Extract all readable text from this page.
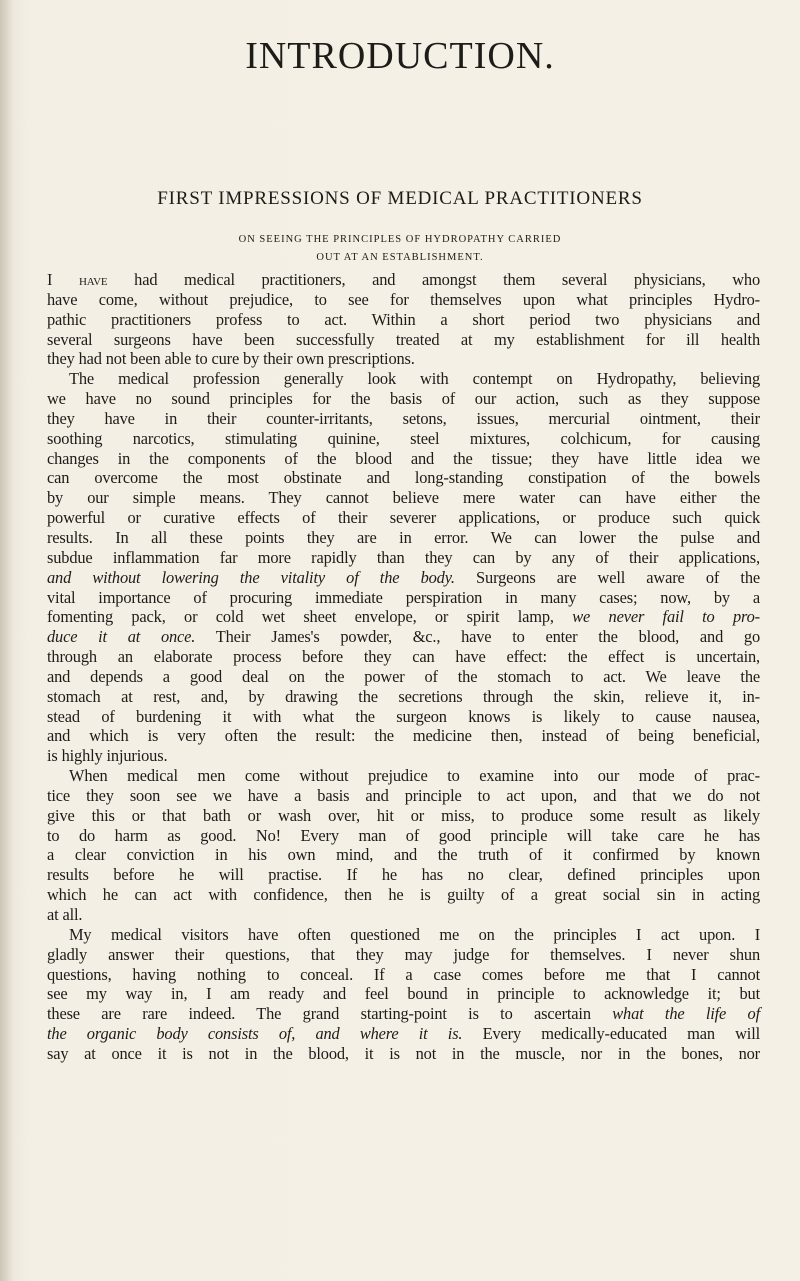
INTRODUCTION.
FIRST IMPRESSIONS OF MEDICAL PRACTITIONERS
ON SEEING THE PRINCIPLES OF HYDROPATHY CARRIED
OUT AT AN ESTABLISHMENT.
I have had medical practitioners, and amongst them several physicians, who
have come, without prejudice, to see for themselves upon what principles Hydro-
pathic practitioners profess to act. Within a short period two physicians and
several surgeons have been successfully treated at my establishment for ill health
they had not been able to cure by their own prescriptions.
The medical profession generally look with contempt on Hydropathy, believing
we have no sound principles for the basis of our action, such as they suppose
they have in their counter-irritants, setons, issues, mercurial ointment, their
soothing narcotics, stimulating quinine, steel mixtures, colchicum, for causing
changes in the components of the blood and the tissue; they have little idea we
can overcome the most obstinate and long-standing constipation of the bowels
by our simple means. They cannot believe mere water can have either the
powerful or curative effects of their severer applications, or produce such quick
results. In all these points they are in error. We can lower the pulse and
subdue inflammation far more rapidly than they can by any of their applications,
and without lowering the vitality of the body. Surgeons are well aware of the
vital importance of procuring immediate perspiration in many cases; now, by a
fomenting pack, or cold wet sheet envelope, or spirit lamp, we never fail to pro-
duce it at once. Their James's powder, &c., have to enter the blood, and go
through an elaborate process before they can have effect: the effect is uncertain,
and depends a good deal on the power of the stomach to act. We leave the
stomach at rest, and, by drawing the secretions through the skin, relieve it, in-
stead of burdening it with what the surgeon knows is likely to cause nausea,
and which is very often the result: the medicine then, instead of being beneficial,
is highly injurious.
When medical men come without prejudice to examine into our mode of prac-
tice they soon see we have a basis and principle to act upon, and that we do not
give this or that bath or wash over, hit or miss, to produce some result as likely
to do harm as good. No! Every man of good principle will take care he has
a clear conviction in his own mind, and the truth of it confirmed by known
results before he will practise. If he has no clear, defined principles upon
which he can act with confidence, then he is guilty of a great social sin in acting
at all.
My medical visitors have often questioned me on the principles I act upon. I
gladly answer their questions, that they may judge for themselves. I never shun
questions, having nothing to conceal. If a case comes before me that I cannot
see my way in, I am ready and feel bound in principle to acknowledge it; but
these are rare indeed. The grand starting-point is to ascertain what the life of
the organic body consists of, and where it is. Every medically-educated man will
say at once it is not in the blood, it is not in the muscle, nor in the bones, nor
